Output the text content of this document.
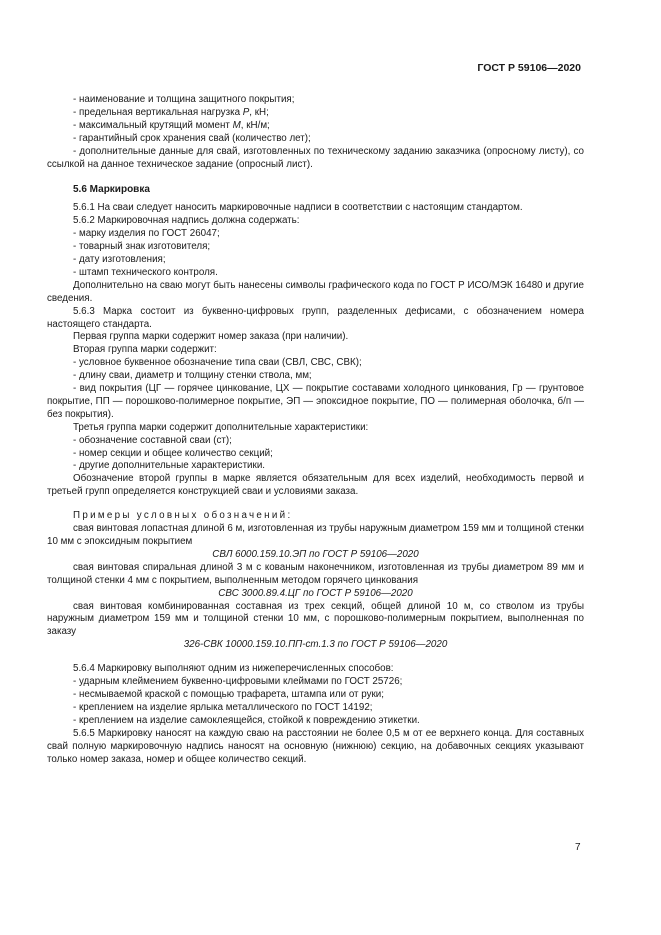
ГОСТ Р 59106—2020

- наименование и толщина защитного покрытия;

- предельная вертикальная нагрузка P, кН;

- максимальный крутящий момент M, кН/м;

- гарантийный срок хранения свай (количество лет);

- дополнительные данные для свай, изготовленных по техническому заданию заказчика (опросному листу), со ссылкой на данное техническое задание (опросный лист).

5.6 Маркировка

5.6.1 На сваи следует наносить маркировочные надписи в соответствии с настоящим стандартом.

5.6.2 Маркировочная надпись должна содержать:

- марку изделия по ГОСТ 26047;

- товарный знак изготовителя;

- дату изготовления;

- штамп технического контроля.

Дополнительно на сваю могут быть нанесены символы графического кода по ГОСТ Р ИСО/МЭК 16480 и другие сведения.

5.6.3 Марка состоит из буквенно-цифровых групп, разделенных дефисами, с обозначением номера настоящего стандарта.

Первая группа марки содержит номер заказа (при наличии).

Вторая группа марки содержит:

- условное буквенное обозначение типа сваи (СВЛ, СВС, СВК);

- длину сваи, диаметр и толщину стенки ствола, мм;

- вид покрытия (ЦГ — горячее цинкование, ЦХ — покрытие составами холодного цинкования, Гр — грунтовое покрытие, ПП — порошково-полимерное покрытие, ЭП — эпоксидное покрытие, ПО — полимерная оболочка, б/п — без покрытия).

Третья группа марки содержит дополнительные характеристики:

- обозначение составной сваи (ст);

- номер секции и общее количество секций;

- другие дополнительные характеристики.

Обозначение второй группы в марке является обязательным для всех изделий, необходимость первой и третьей групп определяется конструкцией сваи и условиями заказа.

Примеры условных обозначений:

свая винтовая лопастная длиной 6 м, изготовленная из трубы наружным диаметром 159 мм и толщиной стенки 10 мм с эпоксидным покрытием

СВЛ 6000.159.10.ЭП по ГОСТ Р 59106—2020

свая винтовая спиральная длиной 3 м с кованым наконечником, изготовленная из трубы диаметром 89 мм и толщиной стенки 4 мм с покрытием, выполненным методом горячего цинкования

СВС 3000.89.4.ЦГ по ГОСТ Р 59106—2020

свая винтовая комбинированная составная из трех секций, общей длиной 10 м, со стволом из трубы наружным диаметром 159 мм и толщиной стенки 10 мм, с порошково-полимерным покрытием, выполненная по заказу

326-СВК 10000.159.10.ПП-ст.1.3 по ГОСТ Р 59106—2020

5.6.4 Маркировку выполняют одним из нижеперечисленных способов:

- ударным клеймением буквенно-цифровыми клеймами по ГОСТ 25726;

- несмываемой краской с помощью трафарета, штампа или от руки;

- креплением на изделие ярлыка металлического по ГОСТ 14192;

- креплением на изделие самоклеящейся, стойкой к повреждению этикетки.

5.6.5 Маркировку наносят на каждую сваю на расстоянии не более 0,5 м от ее верхнего конца. Для составных свай полную маркировочную надпись наносят на основную (нижнюю) секцию, на добавочных секциях указывают только номер заказа, номер и общее количество секций.

7
